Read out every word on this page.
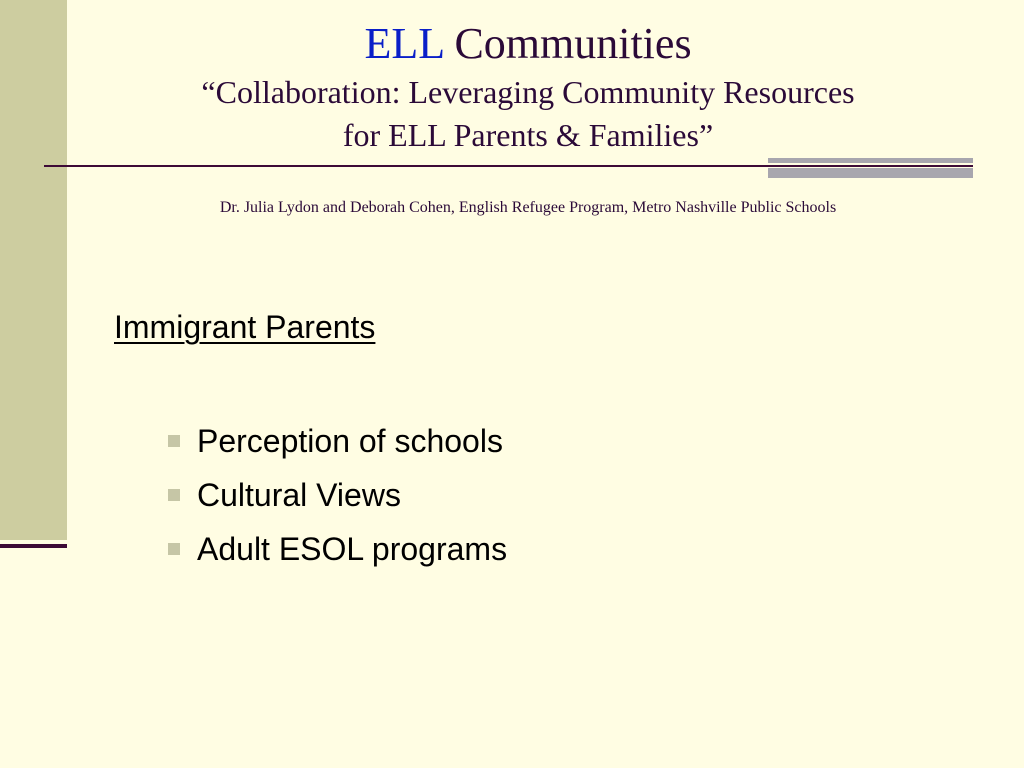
ELL Communities
“Collaboration: Leveraging Community Resources
for ELL Parents & Families”
Dr. Julia Lydon and Deborah Cohen, English Refugee Program, Metro Nashville Public Schools
Immigrant Parents
Perception of schools
Cultural Views
Adult ESOL programs
